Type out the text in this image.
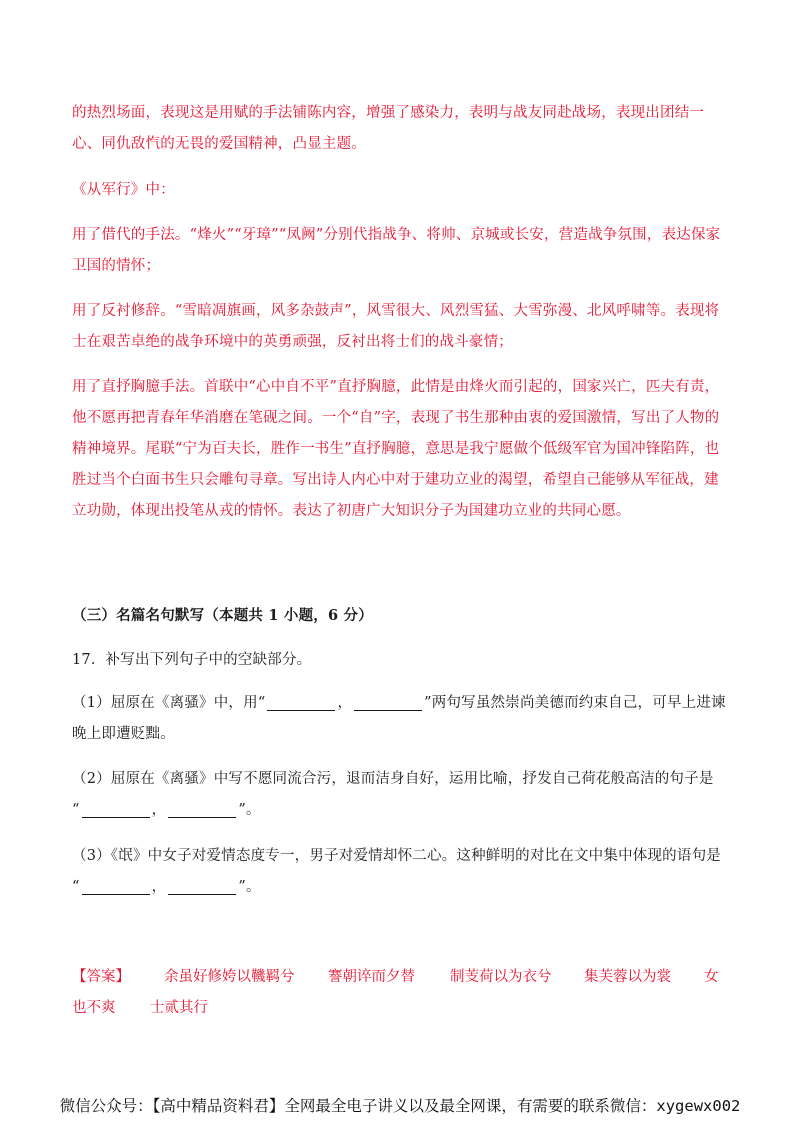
的热烈场面，表现这是用赋的手法铺陈内容，增强了感染力，表明与战友同赴战场，表现出团结一心、同仇敌忾的无畏的爱国精神，凸显主题。

《从军行》中：

用了借代的手法。“烽火”“牙璋”“凤阙”分别代指战争、将帅、京城或长安，营造战争氛围，表达保家卫国的情怀；

用了反衬修辞。“雪暗凋旗画，风多杂鼓声”，风雪很大、风烈雪猛、大雪弥漫、北风呼啸等。表现将士在艰苦卓绝的战争环境中的英勇顽强，反衬出将士们的战斗豪情；

用了直抒胸臆手法。首联中“心中自不平”直抒胸臆，此情是由烽火而引起的，国家兴亡，匹夫有责，他不愿再把青春年华消磨在笔砚之间。一个“自”字，表现了书生那种由衷的爱国激情，写出了人物的精神境界。尾联“宁为百夫长，胜作一书生”直抒胸臆，意思是我宁愿做个低级军官为国冲锋陷阵，也胜过当个白面书生只会雕句寻章。写出诗人内心中对于建功立业的渴望，希望自己能够从军征战，建立功勋，体现出投笔从戎的情怀。表达了初唐广大知识分子为国建功立业的共同心愿。

（三）名篇名句默写（本题共 1 小题，6 分）

17．补写出下列句子中的空缺部分。

（1）屈原在《离骚》中，用“	，	”两句写虽然崇尚美德而约束自己，可早上进谏晚上即遭贬黜。

（2）屈原在《离骚》中写不愿同流合污，退而洁身自好，运用比喻，抒发自己荷花般高洁的句子是
“	，	”。

（3）《氓》中女子对爱情态度专一，男子对爱情却怀二心。这种鲜明的对比在文中集中体现的语句是
“	，	”。

【答案】 余虽好修姱以鞿羁兮 謇朝谇而夕替 制芰荷以为衣兮 集芙蓉以为裳 女
也不爽 士贰其行
微信公众号：【高中精品资料君】全网最全电子讲义以及最全网课，有需要的联系微信：xygewx002
